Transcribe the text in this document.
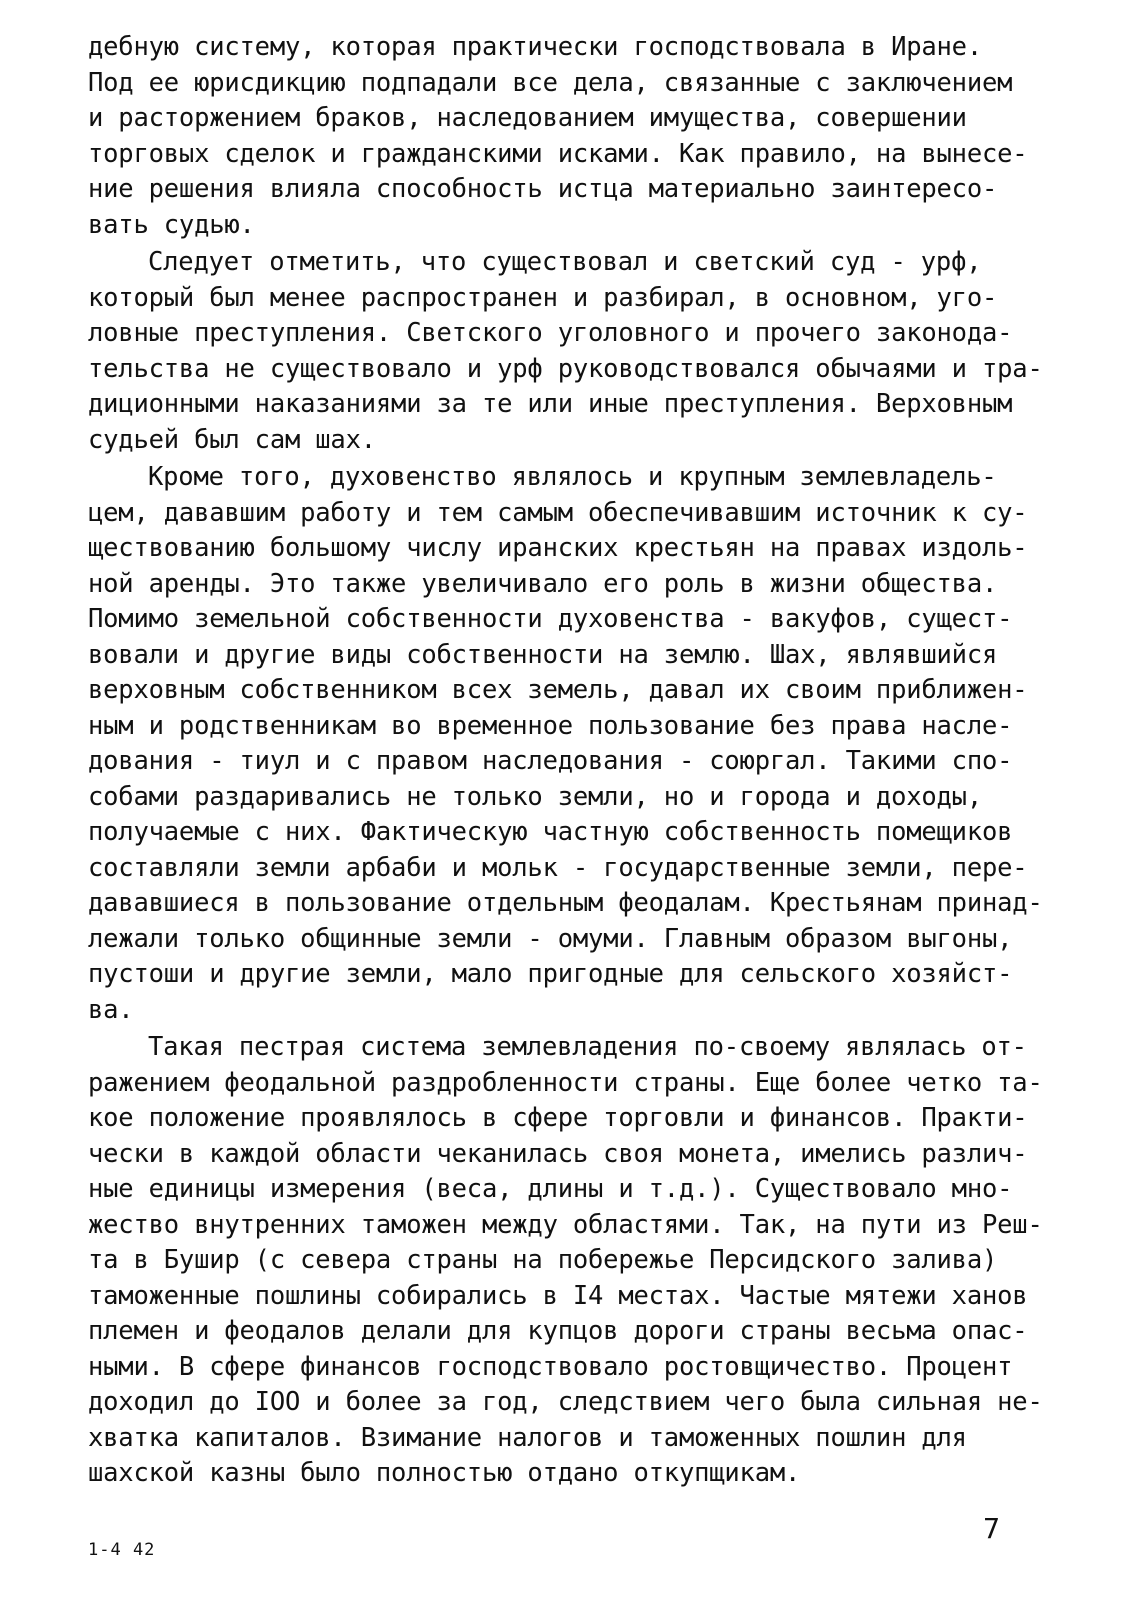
дебную систему, которая практически господствовала в Иране.
Под ее юрисдикцию подпадали все дела, связанные с заключением
и расторжением браков, наследованием имущества, совершении
торговых сделок и гражданскими исками. Как правило, на вынесе-
ние решения влияла способность истца материально заинтересо-
вать судью.
Следует отметить, что существовал и светский суд - урф,
который был менее распространен и разбирал, в основном, уго-
ловные преступления. Светского уголовного и прочего законода-
тельства не существовало и урф руководствовался обычаями и тра-
диционными наказаниями за те или иные преступления. Верховным
судьей был сам шах.
Кроме того, духовенство являлось и крупным землевладель-
цем, дававшим работу и тем самым обеспечивавшим источник к су-
ществованию большому числу иранских крестьян на правах издоль-
ной аренды. Это также увеличивало его роль в жизни общества.
Помимо земельной собственности духовенства - вакуфов, сущест-
вовали и другие виды собственности на землю. Шах, являвшийся
верховным собственником всех земель, давал их своим приближен-
ным и родственникам во временное пользование без права насле-
дования - тиул и с правом наследования - союргал. Такими спо-
собами раздаривались не только земли, но и города и доходы,
получаемые с них. Фактическую частную собственность помещиков
составляли земли арбаби и мольк - государственные земли, пере-
дававшиеся в пользование отдельным феодалам. Крестьянам принад-
лежали только общинные земли - омуми. Главным образом выгоны,
пустоши и другие земли, мало пригодные для сельского хозяйст-
ва.
Такая пестрая система землевладения по-своему являлась от-
ражением феодальной раздробленности страны. Еще более четко та-
кое положение проявлялось в сфере торговли и финансов. Практи-
чески в каждой области чеканилась своя монета, имелись различ-
ные единицы измерения (веса, длины и т.д.). Существовало мно-
жество внутренних таможен между областями. Так, на пути из Реш-
та в Бушир (с севера страны на побережье Персидского залива)
таможенные пошлины собирались в I4 местах. Частые мятежи ханов
племен и феодалов делали для купцов дороги страны весьма опас-
ными. В сфере финансов господствовало ростовщичество. Процент
доходил до IOO и более за год, следствием чего была сильная не-
хватка капиталов. Взимание налогов и таможенных пошлин для
шахской казны было полностью отдано откупщикам.
7
1-4 42
